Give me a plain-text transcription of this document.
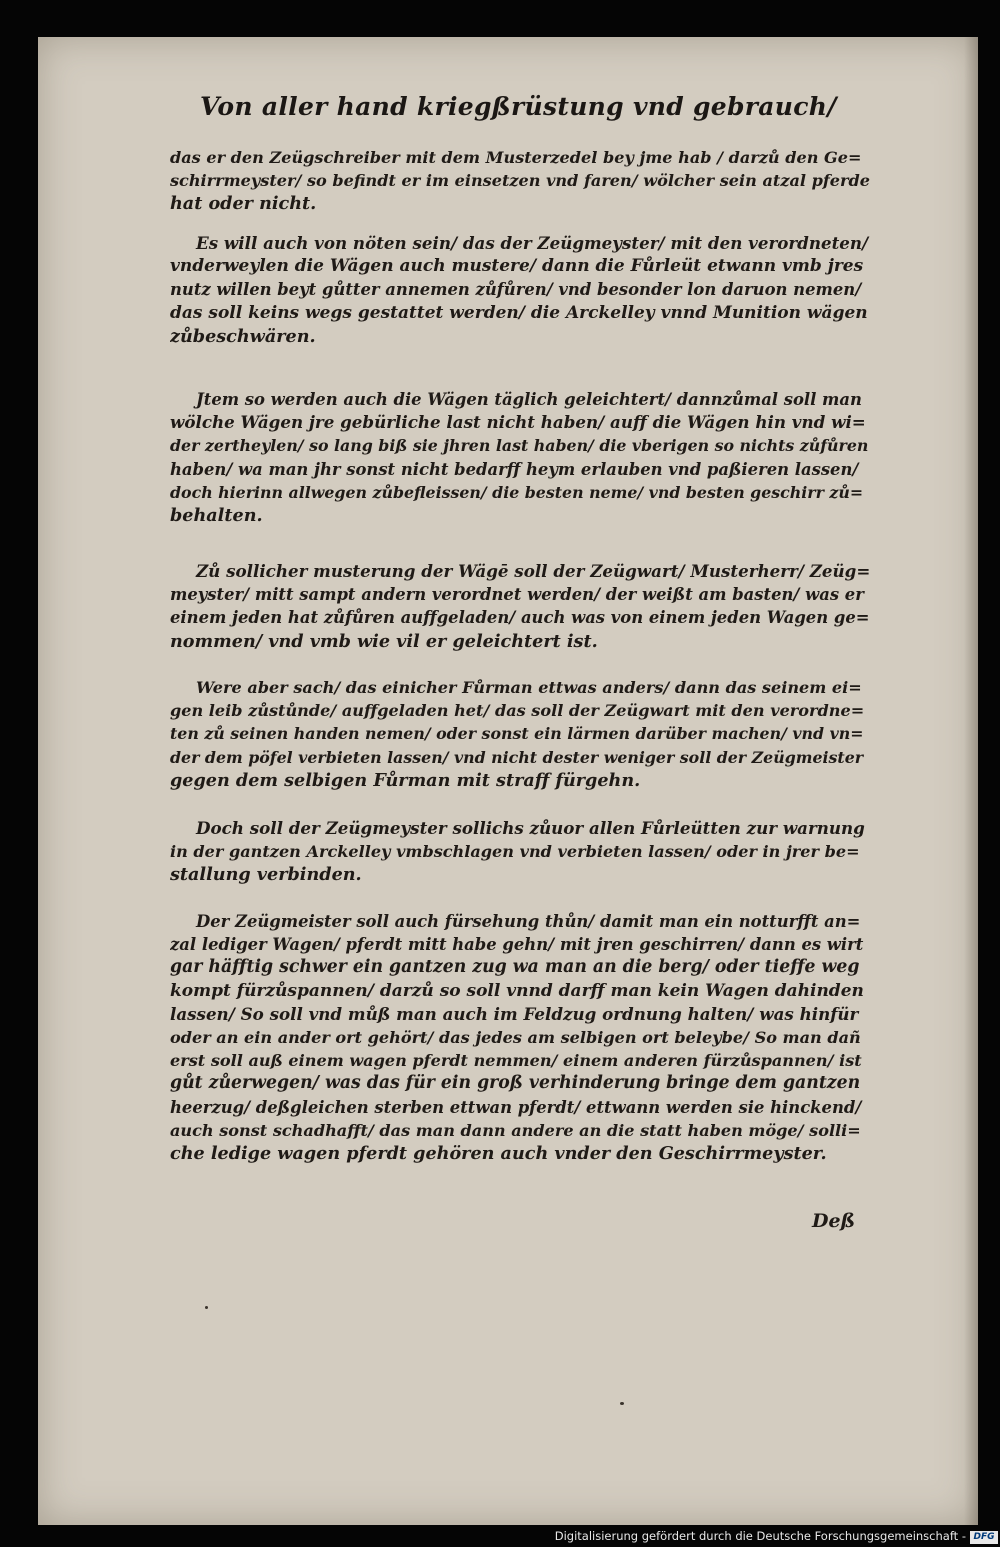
Von aller hand kriegßrüstung vnd gebrauch/
das er den Zeügschreiber mit dem Musterzedel bey jme hab / darzů den Ge=
schirrmeyster/ so befindt er im einsetzen vnd faren/ wölcher sein atzal pferde
hat oder nicht.
Es will auch von nöten sein/ das der Zeügmeyster/ mit den verordneten/
vnderweylen die Wägen auch mustere/ dann die Fůrleüt etwann vmb jres
nutz willen beyt gůtter annemen zůfůren/ vnd besonder lon daruon nemen/
das soll keins wegs gestattet werden/ die Arckelley vnnd Munition wägen
zůbeschwären.
Jtem so werden auch die Wägen täglich geleichtert/ dannzůmal soll man
wölche Wägen jre gebürliche last nicht haben/ auff die Wägen hin vnd wi=
der zertheylen/ so lang biß sie jhren last haben/ die vberigen so nichts zůfůren
haben/ wa man jhr sonst nicht bedarff heym erlauben vnd paßieren lassen/
doch hierinn allwegen zůbefleissen/ die besten neme/ vnd besten geschirr zů=
behalten.
Zů sollicher musterung der Wägē soll der Zeügwart/ Musterherr/ Zeüg=
meyster/ mitt sampt andern verordnet werden/ der weißt am basten/ was er
einem jeden hat zůfůren auffgeladen/ auch was von einem jeden Wagen ge=
nommen/ vnd vmb wie vil er geleichtert ist.
Were aber sach/ das einicher Fůrman ettwas anders/ dann das seinem ei=
gen leib zůstůnde/ auffgeladen het/ das soll der Zeügwart mit den verordne=
ten zů seinen handen nemen/ oder sonst ein lärmen darüber machen/ vnd vn=
der dem pöfel verbieten lassen/ vnd nicht dester weniger soll der Zeügmeister
gegen dem selbigen Fůrman mit straff fürgehn.
Doch soll der Zeügmeyster sollichs zůuor allen Fůrleütten zur warnung
in der gantzen Arckelley vmbschlagen vnd verbieten lassen/ oder in jrer be=
stallung verbinden.
Der Zeügmeister soll auch fürsehung thůn/ damit man ein notturfft an=
zal lediger Wagen/ pferdt mitt habe gehn/ mit jren geschirren/ dann es wirt
gar häfftig schwer ein gantzen zug wa man an die berg/ oder tieffe weg
kompt fürzůspannen/ darzů so soll vnnd darff man kein Wagen dahinden
lassen/ So soll vnd můß man auch im Feldzug ordnung halten/ was hinfür
oder an ein ander ort gehört/ das jedes am selbigen ort beleybe/ So man dañ
erst soll auß einem wagen pferdt nemmen/ einem anderen fürzůspannen/ ist
gůt zůerwegen/ was das für ein groß verhinderung bringe dem gantzen
heerzug/ deßgleichen sterben ettwan pferdt/ ettwann werden sie hinckend/
auch sonst schadhafft/ das man dann andere an die statt haben möge/ solli=
che ledige wagen pferdt gehören auch vnder den Geschirrmeyster.
Deß
Digitalisierung gefördert durch die Deutsche Forschungsgemeinschaft - DFG
